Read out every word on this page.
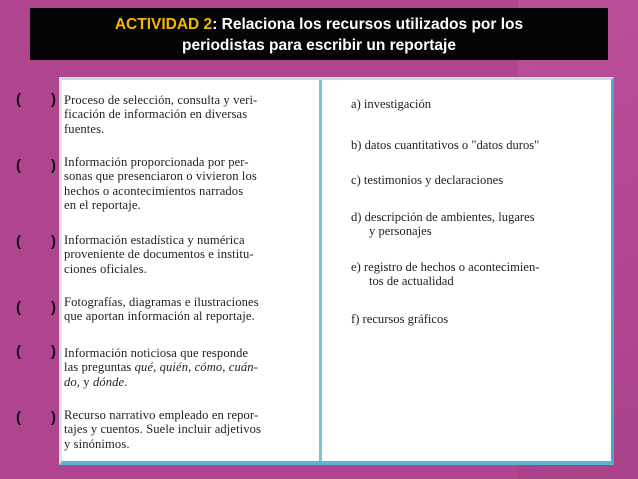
ACTIVIDAD 2: Relaciona los recursos utilizados por los
periodistas para escribir un reportaje
( )
( )
( )
( )
( )
( )
Proceso de selección, consulta y veri-
ficación de información en diversas
fuentes.
Información proporcionada por per-
sonas que presenciaron o vivieron los
hechos o acontecimientos narrados
en el reportaje.
Información estadística y numérica
proveniente de documentos e institu-
ciones oficiales.
Fotografías, diagramas e ilustraciones
que aportan información al reportaje.
Información noticiosa que responde
las preguntas qué, quién, cómo, cuán-
do, y dónde.
Recurso narrativo empleado en repor-
tajes y cuentos. Suele incluir adjetivos
y sinónimos.
a) investigación
b) datos cuantitativos o "datos duros"
c) testimonios y declaraciones
d) descripción de ambientes, lugares
y personajes
e) registro de hechos o acontecimien-
tos de actualidad
f) recursos gráficos
